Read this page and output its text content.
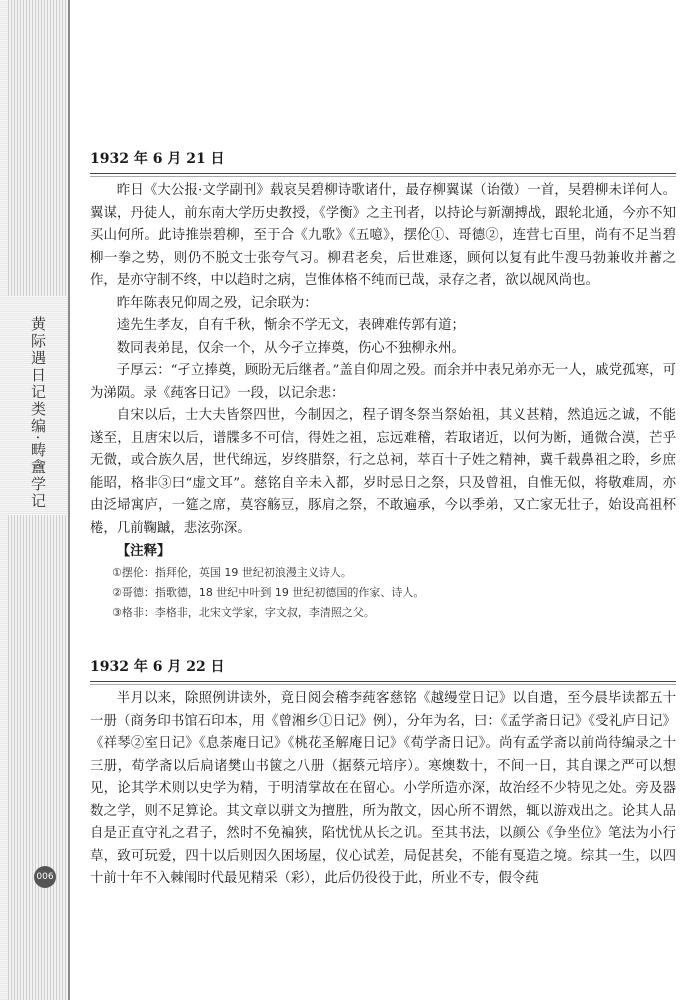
黄际遇日记类编·畴盦学记
006
1932 年 6 月 21 日

昨日《大公报·文学副刊》载哀吴碧柳诗歌诸什，最存柳翼谋（诒徵）一首，吴碧柳未详何人。翼谋，丹徒人，前东南大学历史教授，《学衡》之主刊者，以持论与新潮搏战，跟轮北通，今亦不知买山何所。此诗推崇碧柳，至于合《九歌》《五噫》，摆伦①、哥德②，连营七百里，尚有不足当碧柳一拳之势，则仍不脱文士张夸气习。柳君老矣，后世难逐，顾何以复有此牛溲马勃兼收并蓄之作，是亦守制不终，中以趋时之病，岂惟体格不纯而已哉，录存之者，欲以觇风尚也。

昨年陈表兄仰周之殁，记余联为：

逵先生孝友，自有千秋，惭余不学无文，表碑难传郭有道；

数同表弟昆，仅余一个，从今孑立捧奠，伤心不独柳永州。

子厚云：“孑立捧奠，顾盼无后继者。”盖自仰周之殁。而余并中表兄弟亦无一人，戚党孤寒，可为涕陨。录《莼客日记》一段，以记余悲：

自宋以后，士大夫皆祭四世，今制因之，程子谓冬祭当祭始祖，其义甚精，然追远之诚，不能遂至，且唐宋以后，谱牒多不可信，得姓之祖，忘远难稽，若取诸近，以何为断，通微合漠，芒乎无微，或合族久居，世代绵远，岁终腊祭，行之总祠，萃百十子姓之精神，冀千载鼻祖之聆，乡庶能昭，格非③曰“虚文耳”。慈铭自辛未入都，岁时忌日之祭，只及曾祖，自惟无似，将敬难周，亦由泛埽寓庐，一筵之席，莫容觞豆，豚肩之祭，不敢遍承，今以季弟，又亡家无壮子，始设高祖杯棬，几前鞠䠞，悲泫弥深。

【注释】

①摆伦：指拜伦，英国 19 世纪初浪漫主义诗人。

②哥德：指歌德，18 世纪中叶到 19 世纪初德国的作家、诗人。

③格非：李格非，北宋文学家，字文叔，李清照之父。

1932 年 6 月 22 日

半月以来，除照例讲读外，竟日阅会稽李莼客慈铭《越缦堂日记》以自遣，至今晨毕读都五十一册（商务印书馆石印本，用《曾湘乡①日记》例），分年为名，曰：《孟学斋日记》《受礼庐日记》《祥琴②室日记》《息荼庵日记》《桃花圣解庵日记》《荀学斋日记》。尚有孟学斋以前尚待编录之十三册，荀学斋以后扃诸樊山书篋之八册（据蔡元培序）。寒燠数十，不间一日，其自课之严可以想见，论其学术则以史学为精，于明清掌故在在留心。小学所造亦深，故治经不少特见之处。旁及器数之学，则不足算论。其文章以骈文为擅胜，所为散文，因心所不谓然，辄以游戏出之。论其人品自是正直守礼之君子，然时不免褊狭，陷忧忧从长之讥。至其书法，以颜公《争坐位》笔法为小行草，致可玩爱，四十以后则因久困场屋，仪心试差，局促甚矣，不能有戛造之境。综其一生，以四十前十年不入棘闱时代最见精采（彩），此后仍役役于此，所业不专，假令莼
